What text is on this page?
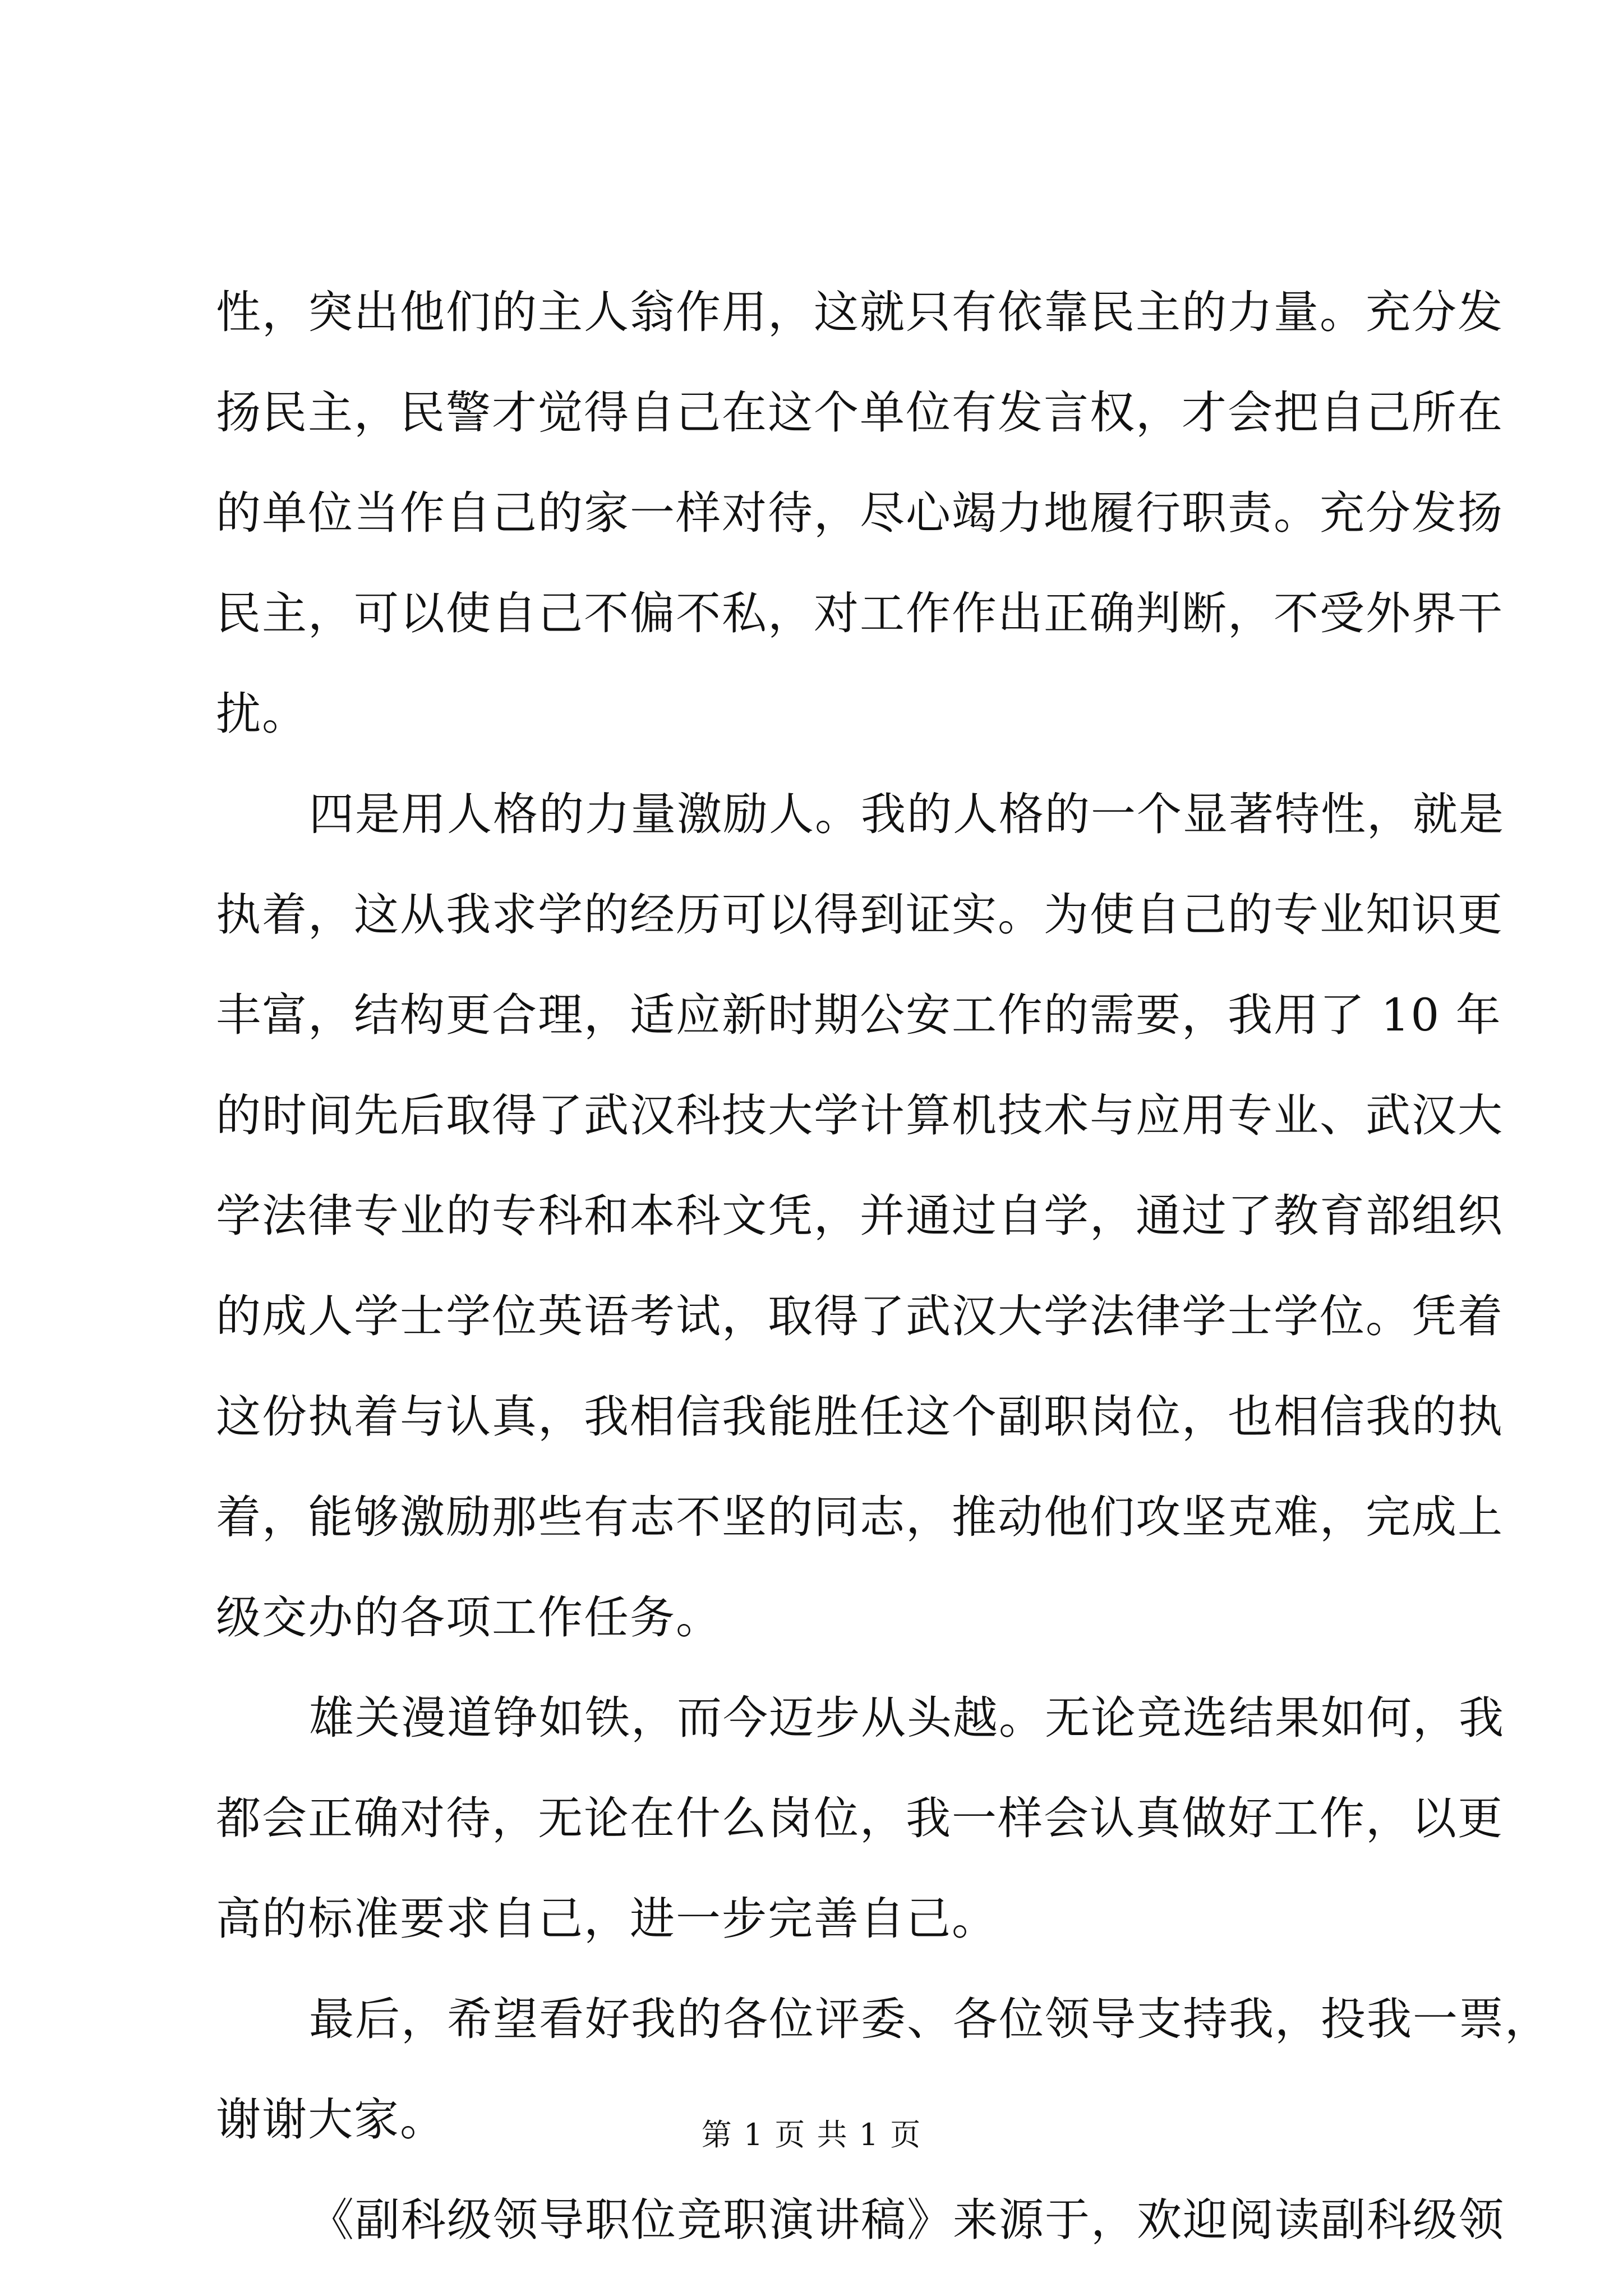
性，突出他们的主人翁作用，这就只有依靠民主的力量。充分发
扬民主，民警才觉得自己在这个单位有发言权，才会把自己所在
的单位当作自己的家一样对待，尽心竭力地履行职责。充分发扬
民主，可以使自己不偏不私，对工作作出正确判断，不受外界干
扰。
四是用人格的力量激励人。我的人格的一个显著特性，就是
执着，这从我求学的经历可以得到证实。为使自己的专业知识更
丰富，结构更合理，适应新时期公安工作的需要，我用了 10 年
的时间先后取得了武汉科技大学计算机技术与应用专业、武汉大
学法律专业的专科和本科文凭，并通过自学，通过了教育部组织
的成人学士学位英语考试，取得了武汉大学法律学士学位。凭着
这份执着与认真，我相信我能胜任这个副职岗位，也相信我的执
着，能够激励那些有志不坚的同志，推动他们攻坚克难，完成上
级交办的各项工作任务。
雄关漫道铮如铁，而今迈步从头越。无论竞选结果如何，我
都会正确对待，无论在什么岗位，我一样会认真做好工作，以更
高的标准要求自己，进一步完善自己。
最后，希望看好我的各位评委、各位领导支持我，投我一票，
谢谢大家。
《副科级领导职位竞职演讲稿》来源于，欢迎阅读副科级领
第 1 页 共 1 页
